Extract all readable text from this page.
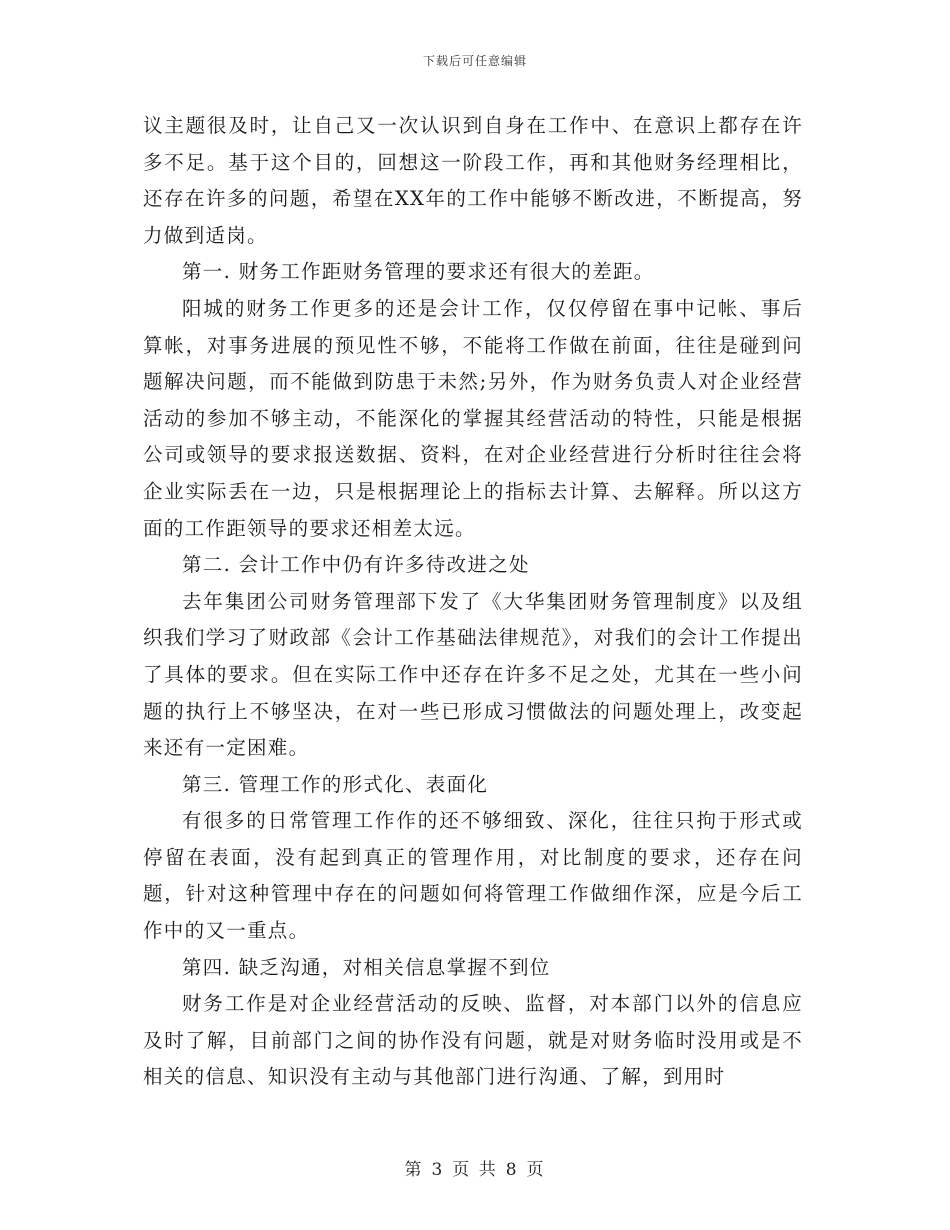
下载后可任意编辑

议主题很及时，让自己又一次认识到自身在工作中、在意识上都存在许多不足。基于这个目的，回想这一阶段工作，再和其他财务经理相比，还存在许多的问题，希望在XX年的工作中能够不断改进，不断提高，努力做到适岗。

第一. 财务工作距财务管理的要求还有很大的差距。

阳城的财务工作更多的还是会计工作，仅仅停留在事中记帐、事后算帐，对事务进展的预见性不够，不能将工作做在前面，往往是碰到问题解决问题，而不能做到防患于未然;另外，作为财务负责人对企业经营活动的参加不够主动，不能深化的掌握其经营活动的特性，只能是根据公司或领导的要求报送数据、资料，在对企业经营进行分析时往往会将企业实际丢在一边，只是根据理论上的指标去计算、去解释。所以这方面的工作距领导的要求还相差太远。

第二. 会计工作中仍有许多待改进之处

去年集团公司财务管理部下发了《大华集团财务管理制度》以及组织我们学习了财政部《会计工作基础法律规范》，对我们的会计工作提出了具体的要求。但在实际工作中还存在许多不足之处，尤其在一些小问题的执行上不够坚决，在对一些已形成习惯做法的问题处理上，改变起来还有一定困难。

第三. 管理工作的形式化、表面化

有很多的日常管理工作作的还不够细致、深化，往往只拘于形式或停留在表面，没有起到真正的管理作用，对比制度的要求，还存在问题，针对这种管理中存在的问题如何将管理工作做细作深，应是今后工作中的又一重点。

第四. 缺乏沟通，对相关信息掌握不到位

财务工作是对企业经营活动的反映、监督，对本部门以外的信息应及时了解，目前部门之间的协作没有问题，就是对财务临时没用或是不相关的信息、知识没有主动与其他部门进行沟通、了解，到用时

第 3 页 共 8 页
